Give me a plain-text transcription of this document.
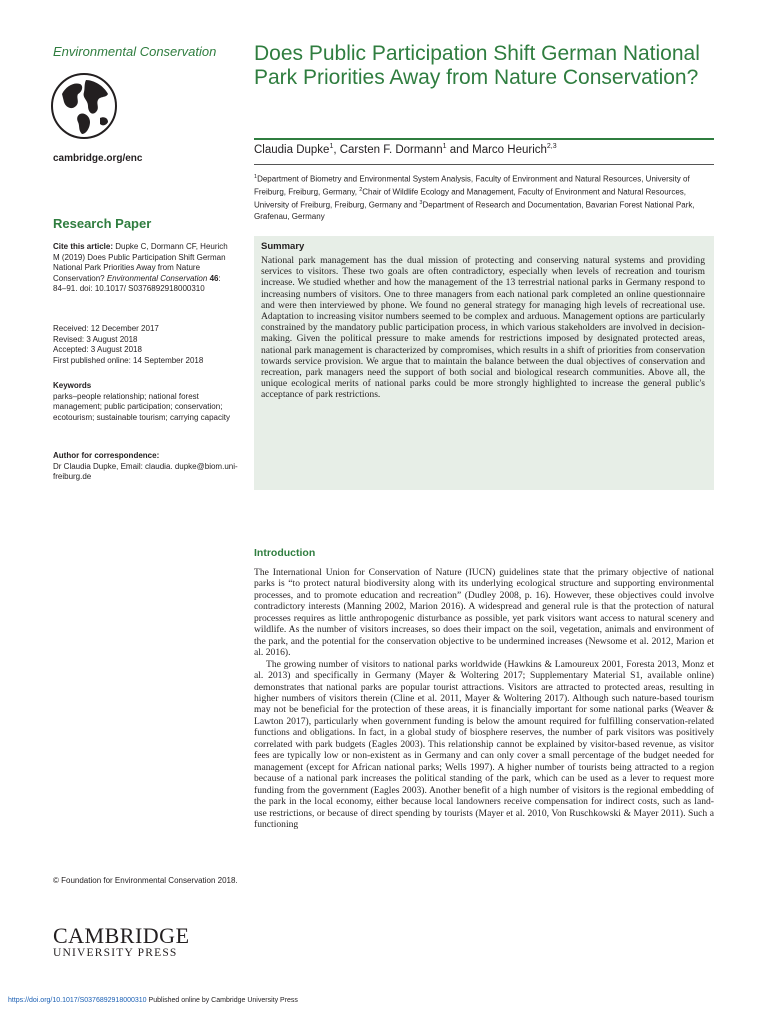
Environmental Conservation
cambridge.org/enc
Research Paper
Cite this article: Dupke C, Dormann CF, Heurich M (2019) Does Public Participation Shift German National Park Priorities Away from Nature Conservation? Environmental Conservation 46: 84–91. doi: 10.1017/ S0376892918000310
Received: 12 December 2017
Revised: 3 August 2018
Accepted: 3 August 2018
First published online: 14 September 2018
Keywords
parks–people relationship; national forest management; public participation; conservation; ecotourism; sustainable tourism; carrying capacity
Author for correspondence:
Dr Claudia Dupke, Email: claudia. dupke@biom.uni-freiburg.de
© Foundation for Environmental Conservation 2018.
CAMBRIDGE
UNIVERSITY PRESS
Does Public Participation Shift German National Park Priorities Away from Nature Conservation?
Claudia Dupke$^1$, Carsten F. Dormann$^1$ and Marco Heurich$^{2,3}$
$^1$Department of Biometry and Environmental System Analysis, Faculty of Environment and Natural Resources, University of Freiburg, Freiburg, Germany, $^2$Chair of Wildlife Ecology and Management, Faculty of Environment and Natural Resources, University of Freiburg, Freiburg, Germany and $^3$Department of Research and Documentation, Bavarian Forest National Park, Grafenau, Germany
Summary
National park management has the dual mission of protecting and conserving natural systems and providing services to visitors. These two goals are often contradictory, especially when levels of recreation and tourism increase. We studied whether and how the management of the 13 terrestrial national parks in Germany respond to increasing numbers of visitors. One to three managers from each national park completed an online questionnaire and were then interviewed by phone. We found no general strategy for managing high levels of recreational use. Adaptation to increasing visitor numbers seemed to be complex and arduous. Management options are particularly constrained by the mandatory public participation process, in which various stakeholders are involved in decision-making. Given the political pressure to make amends for restrictions imposed by designated protected areas, national park management is characterized by compromises, which results in a shift of priorities from conservation towards service provision. We argue that to maintain the balance between the dual objectives of conservation and recreation, park managers need the support of both social and biological research communities. Above all, the unique ecological merits of national parks could be more strongly highlighted to increase the general public's acceptance of park restrictions.
Introduction

The International Union for Conservation of Nature (IUCN) guidelines state that the primary objective of national parks is “to protect natural biodiversity along with its underlying ecological structure and supporting environmental processes, and to promote education and recreation” (Dudley 2008, p. 16). However, these objectives could involve contradictory interests (Manning 2002, Marion 2016). A widespread and general rule is that the protection of natural processes requires as little anthropogenic disturbance as possible, yet park visitors want access to natural scenery and wildlife. As the number of visitors increases, so does their impact on the soil, vegetation, animals and environment of the park, and the potential for the conservation objective to be undermined increases (Newsome et al. 2012, Marion et al. 2016).

The growing number of visitors to national parks worldwide (Hawkins & Lamoureux 2001, Foresta 2013, Monz et al. 2013) and specifically in Germany (Mayer & Woltering 2017; Supplementary Material S1, available online) demonstrates that national parks are popular tourist attractions. Visitors are attracted to protected areas, resulting in higher numbers of visitors therein (Cline et al. 2011, Mayer & Woltering 2017). Although such nature-based tourism may not be beneficial for the protection of these areas, it is financially important for some national parks (Weaver & Lawton 2017), particularly when government funding is below the amount required for fulfilling conservation-related functions and obligations. In fact, in a global study of biosphere reserves, the number of park visitors was positively correlated with park budgets (Eagles 2003). This relationship cannot be explained by visitor-based revenue, as visitor fees are typically low or non-existent as in Germany and can only cover a small percentage of the budget needed for management (except for African national parks; Wells 1997). A higher number of tourists being attracted to a region because of a national park increases the political standing of the park, which can be used as a lever to request more funding from the government (Eagles 2003). Another benefit of a high number of visitors is the regional embedding of the park in the local economy, either because local landowners receive compensation for indirect costs, such as land-use restrictions, or because of direct spending by tourists (Mayer et al. 2010, Von Ruschkowski & Mayer 2011). Such a functioning

https://doi.org/10.1017/S0376892918000310 Published online by Cambridge University Press
